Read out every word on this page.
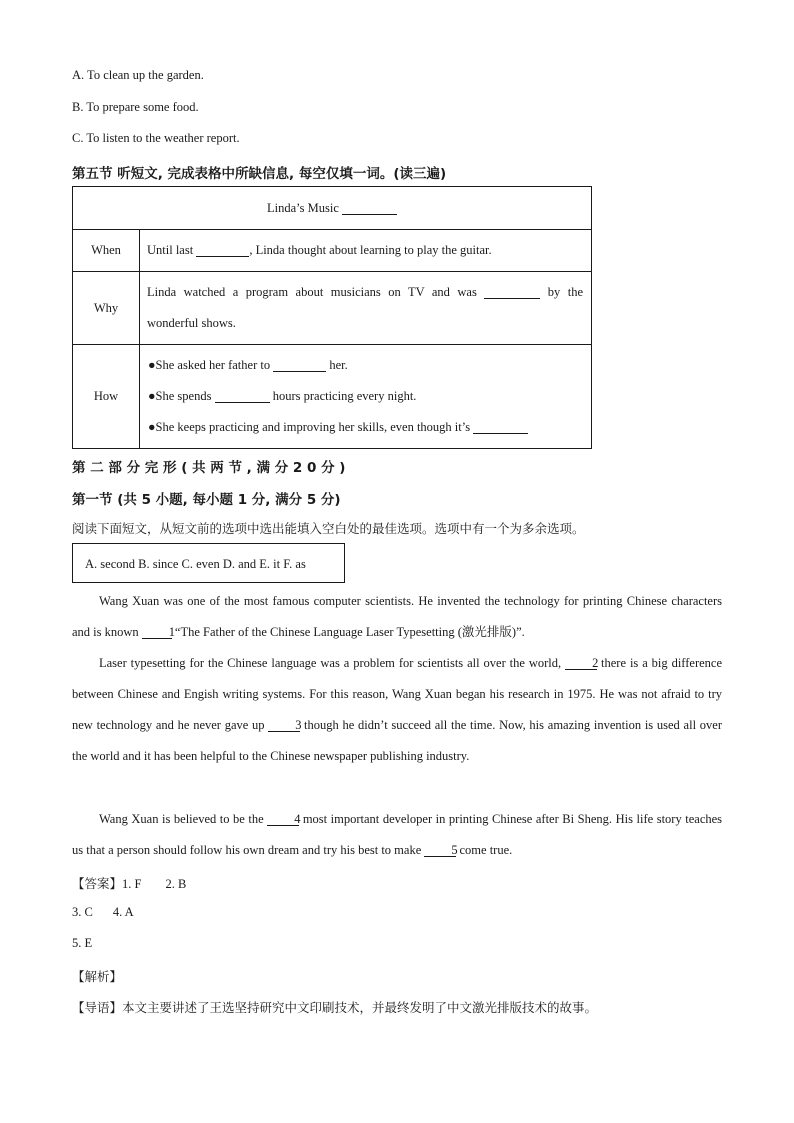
A. To clean up the garden.
B. To prepare some food.
C. To listen to the weather report.
第五节 听短文, 完成表格中所缺信息, 每空仅填一词。(读三遍)
Linda’s Music	
When	Until last , Linda thought about learning to play the guitar.
Why	Linda watched a program about musicians on TV and was by the wonderful shows.
How	●She asked her father to her.
●She spends hours practicing every night.
●She keeps practicing and improving her skills, even though it’s
第 二 部 分 完 形 ( 共 两 节 , 满 分 2 0 分 )
第一节 (共 5 小题, 每小题 1 分, 满分 5 分)
阅读下面短文，从短文前的选项中选出能填入空白处的最佳选项。选项中有一个为多余选项。
A. second B. since C. even D. and E. it F. as
Wang Xuan was one of the most famous computer scientists. He invented the technology for printing Chinese characters and is known 1 “The Father of the Chinese Language Laser Typesetting (激光排版)”.
Laser typesetting for the Chinese language was a problem for scientists all over the world, 2 there is a big difference between Chinese and Engish writing systems. For this reason, Wang Xuan began his research in 1975. He was not afraid to try new technology and he never gave up 3 though he didn’t succeed all the time. Now, his amazing invention is used all over the world and it has been helpful to the Chinese newspaper publishing industry.
Wang Xuan is believed to be the 4 most important developer in printing Chinese after Bi Sheng. His life story teaches us that a person should follow his own dream and try his best to make 5 come true.
【答案】1. F 2. B
3. C 4. A
5. E
【解析】
【导语】本文主要讲述了王选坚持研究中文印刷技术，并最终发明了中文激光排版技术的故事。
